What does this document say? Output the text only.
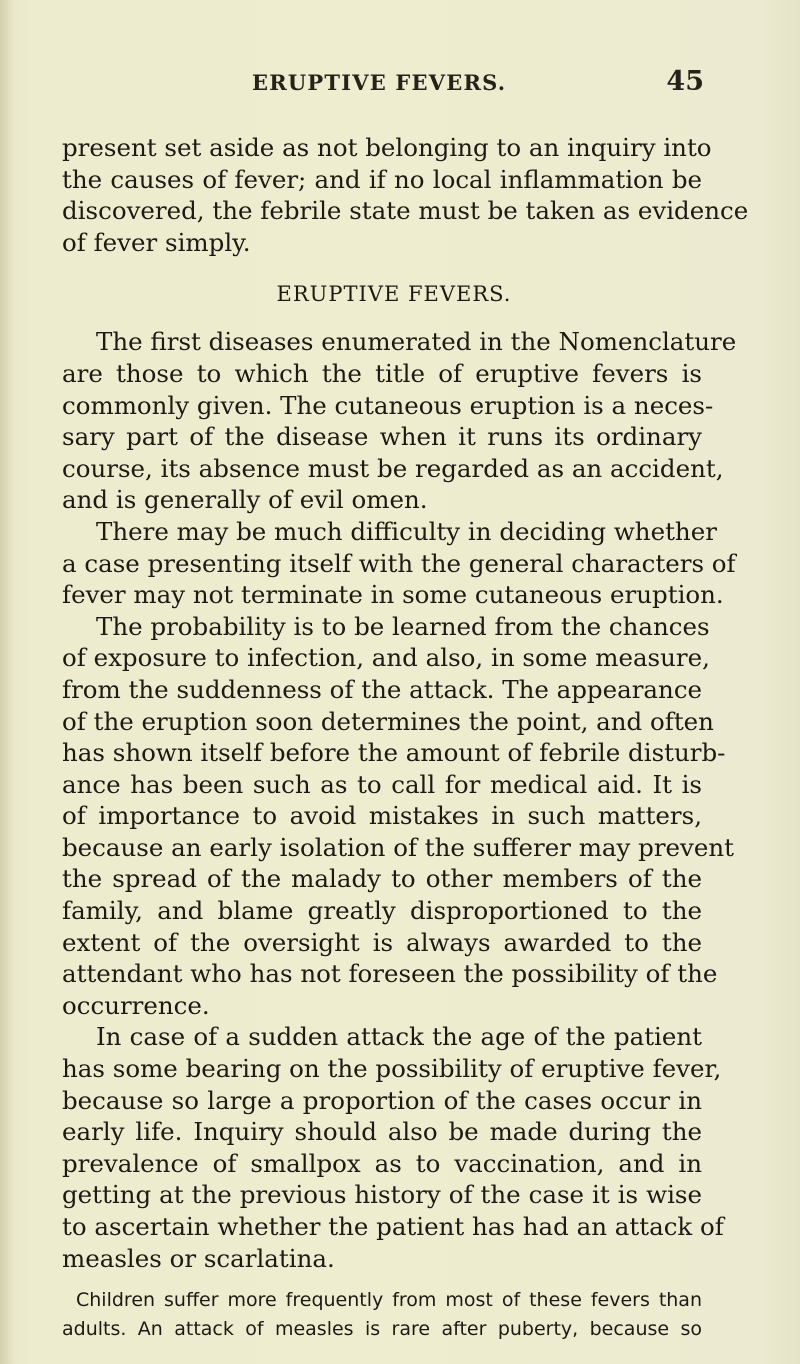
ERUPTIVE FEVERS.	45
present set aside as not belonging to an inquiry into
the causes of fever; and if no local inflammation be
discovered, the febrile state must be taken as evidence
of fever simply.
ERUPTIVE FEVERS.
The first diseases enumerated in the Nomenclature
are those to which the title of eruptive fevers is
commonly given. The cutaneous eruption is a neces-
sary part of the disease when it runs its ordinary
course, its absence must be regarded as an accident,
and is generally of evil omen.
There may be much difficulty in deciding whether
a case presenting itself with the general characters of
fever may not terminate in some cutaneous eruption.
The probability is to be learned from the chances
of exposure to infection, and also, in some measure,
from the suddenness of the attack. The appearance
of the eruption soon determines the point, and often
has shown itself before the amount of febrile disturb-
ance has been such as to call for medical aid. It is
of importance to avoid mistakes in such matters,
because an early isolation of the sufferer may prevent
the spread of the malady to other members of the
family, and blame greatly disproportioned to the
extent of the oversight is always awarded to the
attendant who has not foreseen the possibility of the
occurrence.
In case of a sudden attack the age of the patient
has some bearing on the possibility of eruptive fever,
because so large a proportion of the cases occur in
early life. Inquiry should also be made during the
prevalence of smallpox as to vaccination, and in
getting at the previous history of the case it is wise
to ascertain whether the patient has had an attack of
measles or scarlatina.
Children suffer more frequently from most of these fevers than
adults. An attack of measles is rare after puberty, because so
